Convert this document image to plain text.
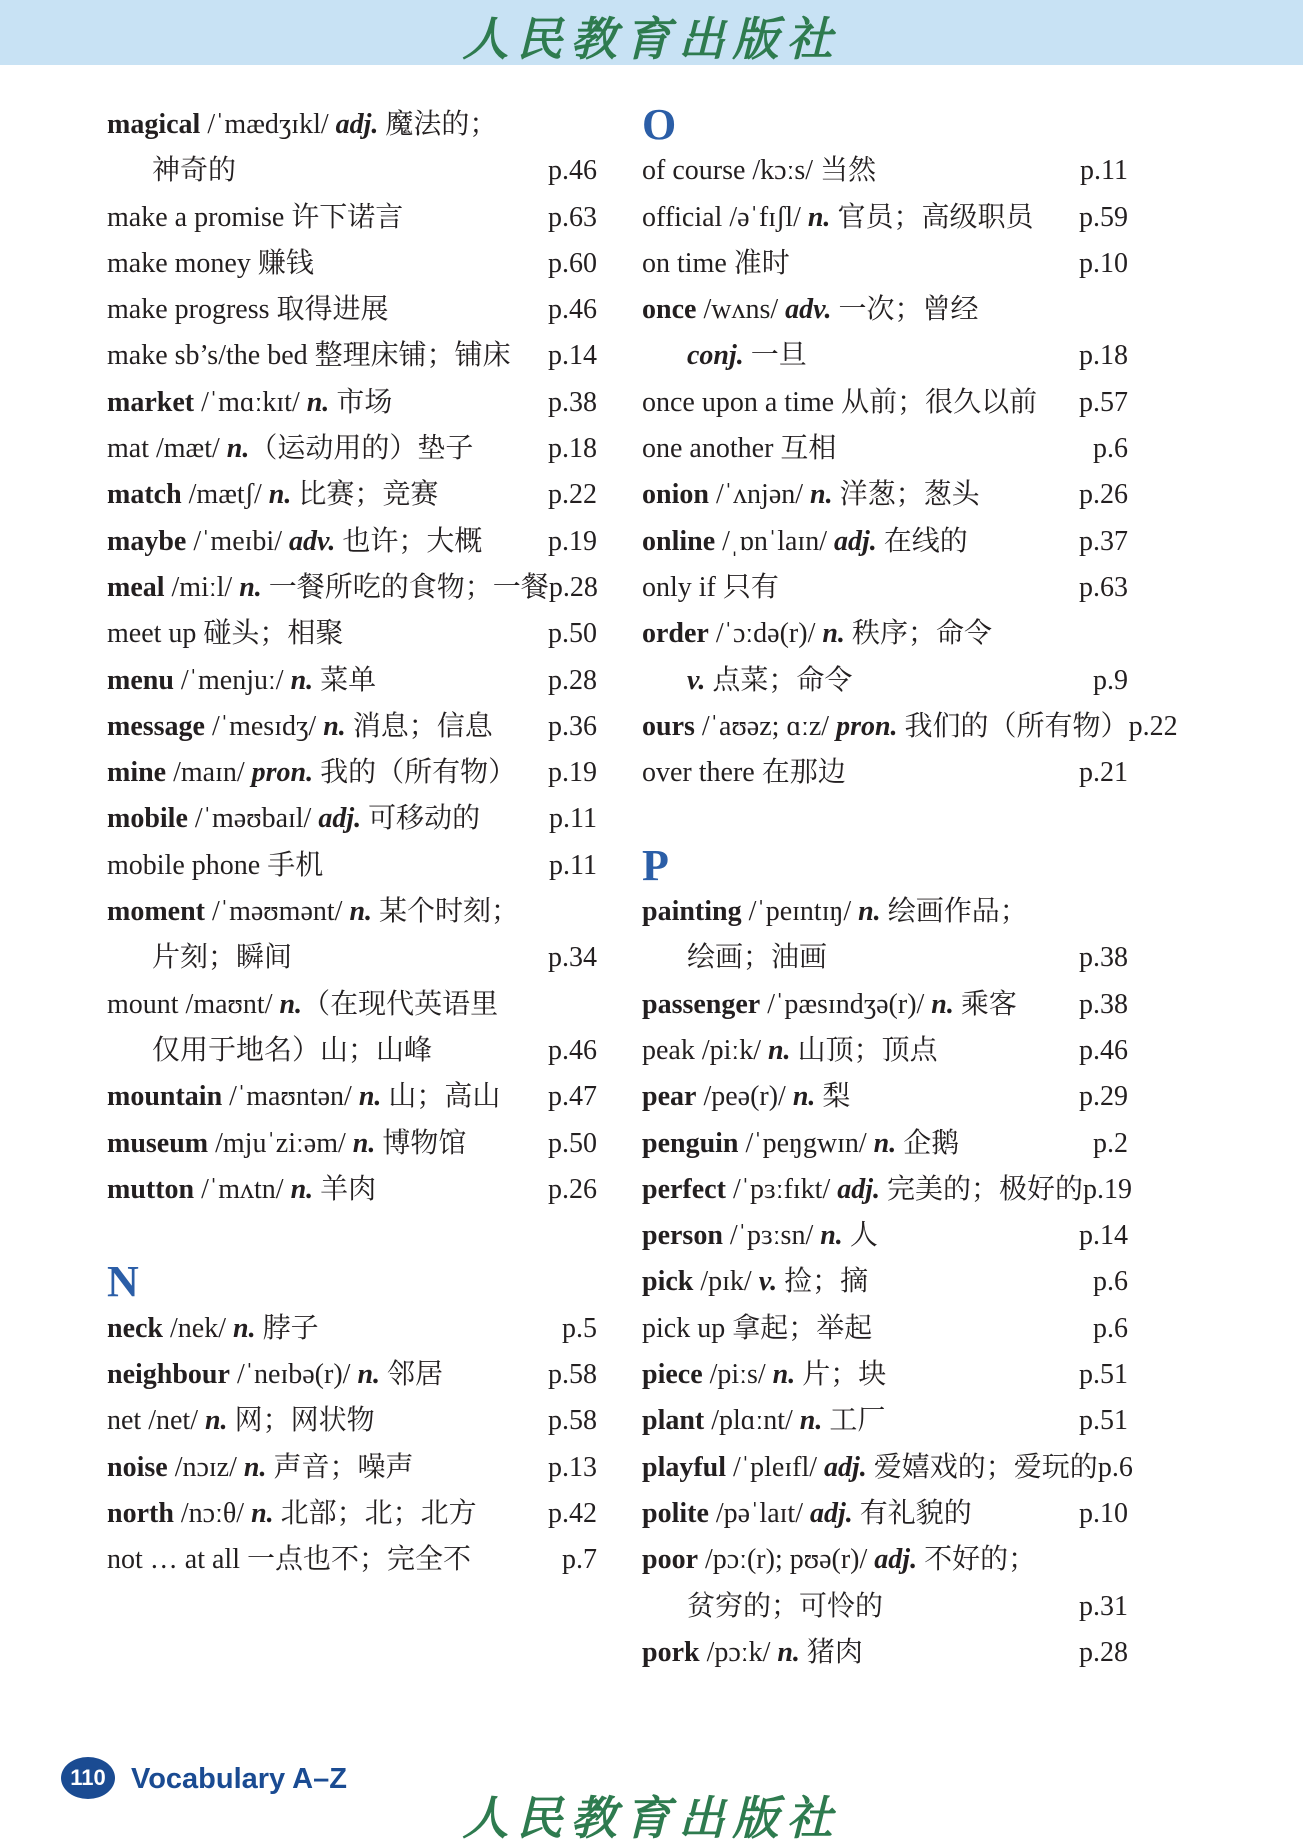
人民教育出版社
magical /ˈmædʒɪkl/ adj. 魔法的；
神奇的	p.46
make a promise 许下诺言	p.63
make money 赚钱	p.60
make progress 取得进展	p.46
make sb’s/the bed 整理床铺；铺床 p.14
market /ˈmɑːkɪt/ n. 市场	p.38
mat /mæt/ n.（运动用的）垫子	p.18
match /mætʃ/ n. 比赛；竞赛	p.22
maybe /ˈmeɪbi/ adv. 也许；大概 p.19
meal /miːl/ n. 一餐所吃的食物；一餐 p.28
meet up 碰头；相聚	p.50
menu /ˈmenjuː/ n. 菜单	p.28
message /ˈmesɪdʒ/ n. 消息；信息 p.36
mine /maɪn/ pron. 我的（所有物） p.19
mobile /ˈməʊbaɪl/ adj. 可移动的 p.11
mobile phone 手机	p.11
moment /ˈməʊmənt/ n. 某个时刻；
片刻；瞬间	p.34
mount /maʊnt/ n.（在现代英语里
仅用于地名）山；山峰	p.46
mountain /ˈmaʊntən/ n. 山；高山 p.47
museum /mjuˈziːəm/ n. 博物馆	p.50
mutton /ˈmʌtn/ n. 羊肉	p.26
N
neck /nek/ n. 脖子	p.5
neighbour /ˈneɪbə(r)/ n. 邻居	p.58
net /net/ n. 网；网状物	p.58
noise /nɔɪz/ n. 声音；噪声	p.13
north /nɔːθ/ n. 北部；北；北方	p.42
not … at all 一点也不；完全不	p.7
O
of course /kɔːs/ 当然	p.11
official /əˈfɪʃl/ n. 官员；高级职员 p.59
on time 准时	p.10
once /wʌns/ adv. 一次；曾经
conj. 一旦	p.18
once upon a time 从前；很久以前 p.57
one another 互相	p.6
onion /ˈʌnjən/ n. 洋葱；葱头	p.26
online /ˌɒnˈlaɪn/ adj. 在线的	p.37
only if 只有	p.63
order /ˈɔːdə(r)/ n. 秩序；命令
v. 点菜；命令	p.9
ours /ˈaʊəz; ɑːz/ pron. 我们的（所有物） p.22
over there 在那边	p.21
P
painting /ˈpeɪntɪŋ/ n. 绘画作品；
绘画；油画	p.38
passenger /ˈpæsɪndʒə(r)/ n. 乘客 p.38
peak /piːk/ n. 山顶；顶点	p.46
pear /peə(r)/ n. 梨	p.29
penguin /ˈpeŋgwɪn/ n. 企鹅	p.2
perfect /ˈpɜːfɪkt/ adj. 完美的；极好的 p.19
person /ˈpɜːsn/ n. 人	p.14
pick /pɪk/ v. 捡；摘	p.6
pick up 拿起；举起	p.6
piece /piːs/ n. 片；块	p.51
plant /plɑːnt/ n. 工厂	p.51
playful /ˈpleɪfl/ adj. 爱嬉戏的；爱玩的 p.6
polite /pəˈlaɪt/ adj. 有礼貌的	p.10
poor /pɔː(r); pʊə(r)/ adj. 不好的；
贫穷的；可怜的	p.31
pork /pɔːk/ n. 猪肉	p.28
110 Vocabulary A–Z
人民教育出版社
